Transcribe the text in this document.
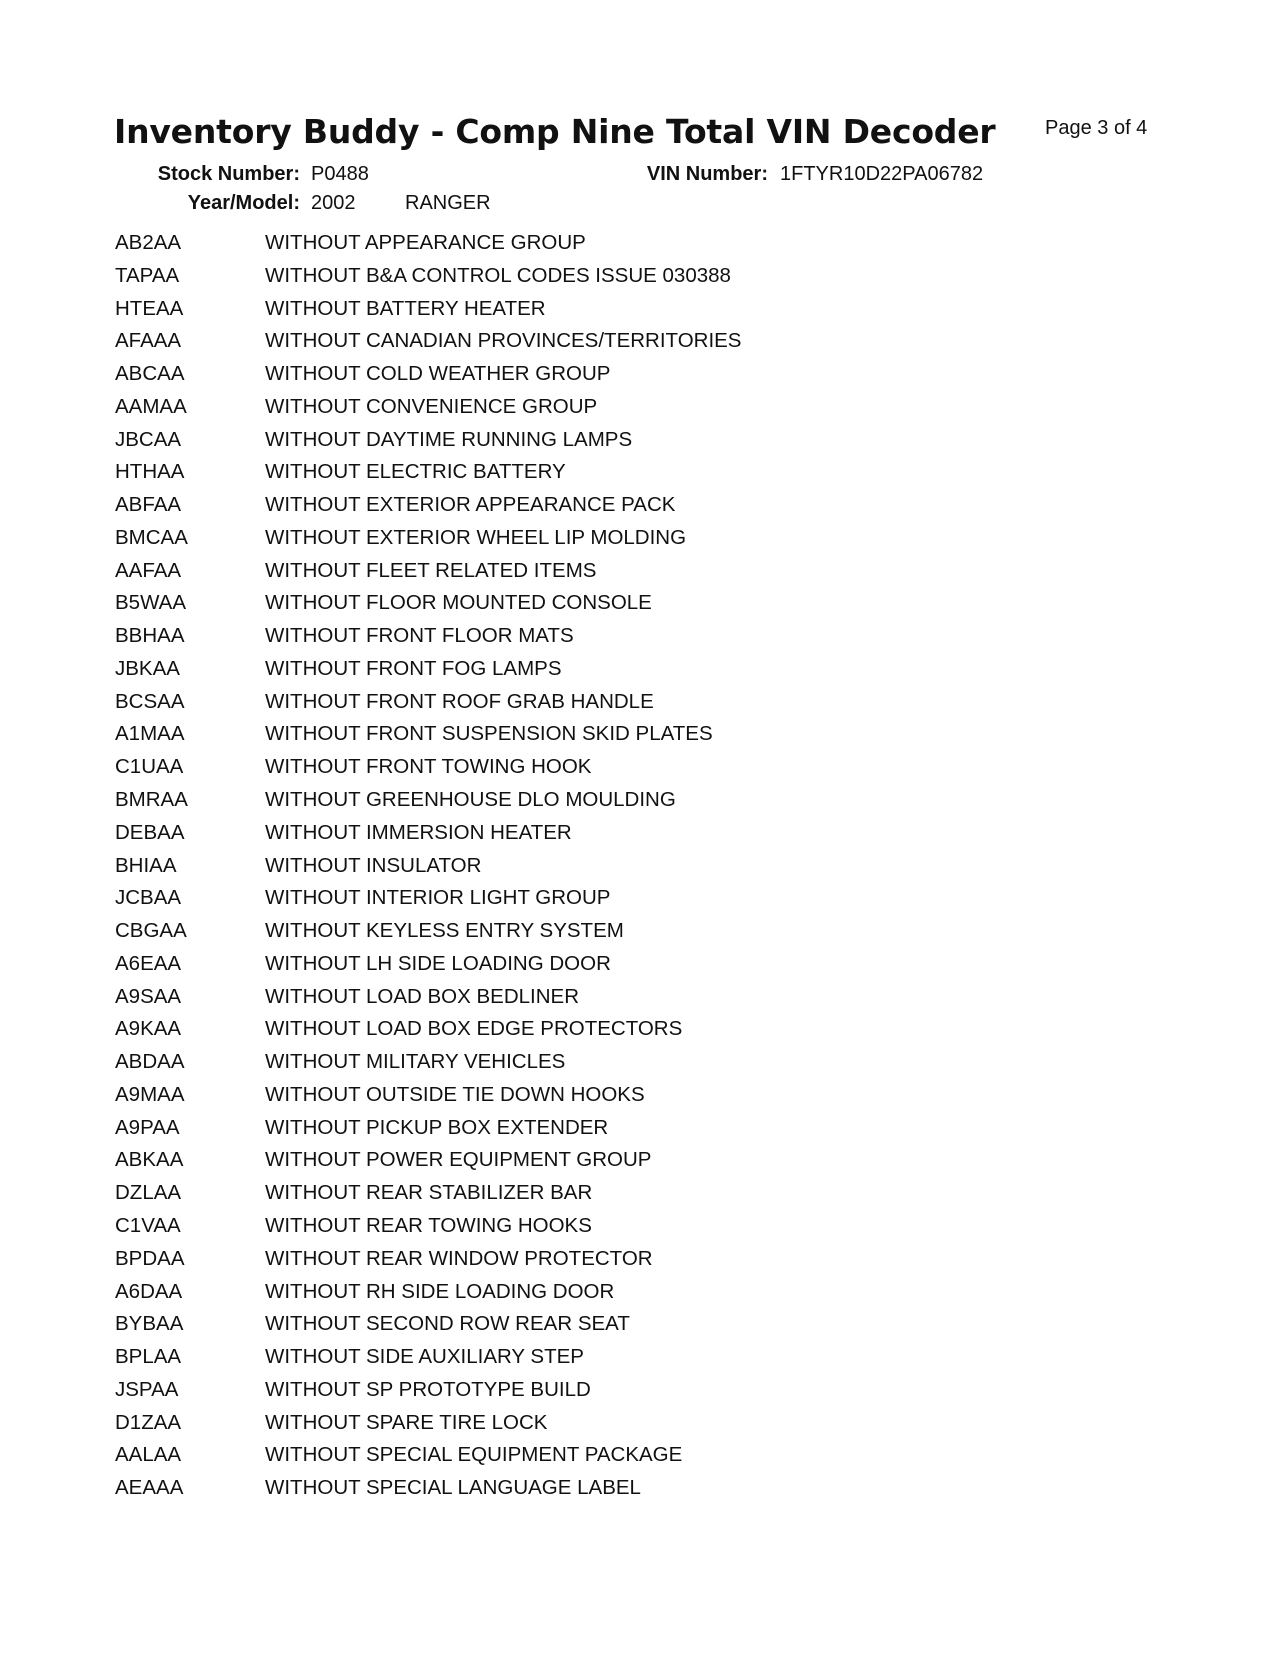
Inventory Buddy - Comp Nine Total VIN Decoder Page 3 of 4
Stock Number: P0488	VIN Number: 1FTYR10D22PA06782
Year/Model: 2002 RANGER
AB2AA	WITHOUT APPEARANCE GROUP
TAPAA	WITHOUT B&A CONTROL CODES ISSUE 030388
HTEAA	WITHOUT BATTERY HEATER
AFAAA	WITHOUT CANADIAN PROVINCES/TERRITORIES
ABCAA	WITHOUT COLD WEATHER GROUP
AAMAA	WITHOUT CONVENIENCE GROUP
JBCAA	WITHOUT DAYTIME RUNNING LAMPS
HTHAA	WITHOUT ELECTRIC BATTERY
ABFAA	WITHOUT EXTERIOR APPEARANCE PACK
BMCAA	WITHOUT EXTERIOR WHEEL LIP MOLDING
AAFAA	WITHOUT FLEET RELATED ITEMS
B5WAA	WITHOUT FLOOR MOUNTED CONSOLE
BBHAA	WITHOUT FRONT FLOOR MATS
JBKAA	WITHOUT FRONT FOG LAMPS
BCSAA	WITHOUT FRONT ROOF GRAB HANDLE
A1MAA	WITHOUT FRONT SUSPENSION SKID PLATES
C1UAA	WITHOUT FRONT TOWING HOOK
BMRAA	WITHOUT GREENHOUSE DLO MOULDING
DEBAA	WITHOUT IMMERSION HEATER
BHIAA	WITHOUT INSULATOR
JCBAA	WITHOUT INTERIOR LIGHT GROUP
CBGAA	WITHOUT KEYLESS ENTRY SYSTEM
A6EAA	WITHOUT LH SIDE LOADING DOOR
A9SAA	WITHOUT LOAD BOX BEDLINER
A9KAA	WITHOUT LOAD BOX EDGE PROTECTORS
ABDAA	WITHOUT MILITARY VEHICLES
A9MAA	WITHOUT OUTSIDE TIE DOWN HOOKS
A9PAA	WITHOUT PICKUP BOX EXTENDER
ABKAA	WITHOUT POWER EQUIPMENT GROUP
DZLAA	WITHOUT REAR STABILIZER BAR
C1VAA	WITHOUT REAR TOWING HOOKS
BPDAA	WITHOUT REAR WINDOW PROTECTOR
A6DAA	WITHOUT RH SIDE LOADING DOOR
BYBAA	WITHOUT SECOND ROW REAR SEAT
BPLAA	WITHOUT SIDE AUXILIARY STEP
JSPAA	WITHOUT SP PROTOTYPE BUILD
D1ZAA	WITHOUT SPARE TIRE LOCK
AALAA	WITHOUT SPECIAL EQUIPMENT PACKAGE
AEAAA	WITHOUT SPECIAL LANGUAGE LABEL
